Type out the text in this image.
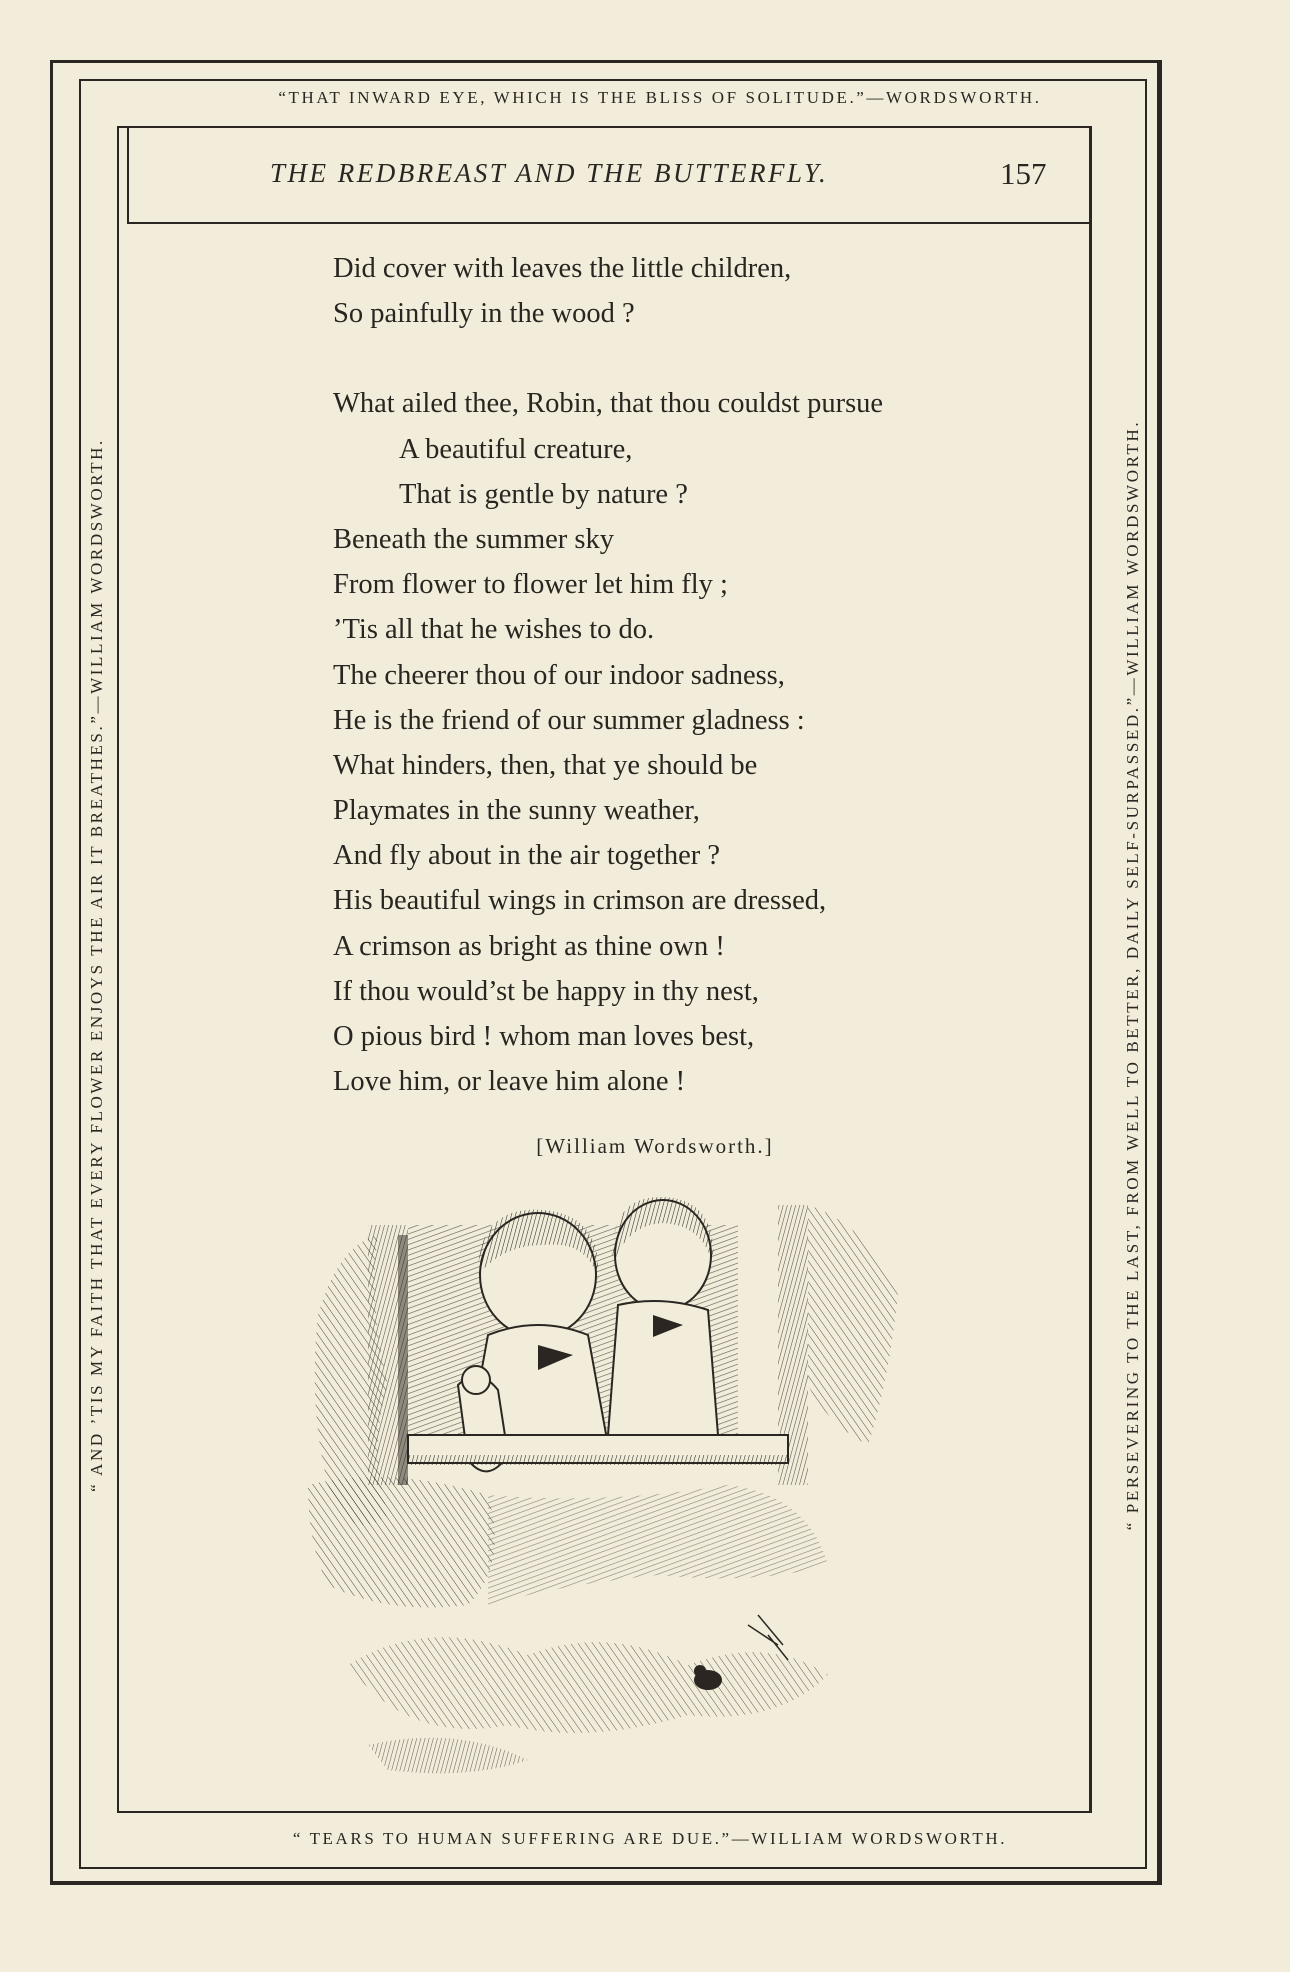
“THAT INWARD EYE, WHICH IS THE BLISS OF SOLITUDE.”—WORDSWORTH.
“ AND ’TIS MY FAITH THAT EVERY FLOWER ENJOYS THE AIR IT BREATHES.”—WILLIAM WORDSWORTH.	“ PERSEVERING TO THE LAST, FROM WELL TO BETTER, DAILY SELF-SURPASSED.”—WILLIAM WORDSWORTH.
“ TEARS TO HUMAN SUFFERING ARE DUE.”—WILLIAM WORDSWORTH.
THE REDBREAST AND THE BUTTERFLY.	157
Did cover with leaves the little children,
So painfully in the wood ?
What ailed thee, Robin, that thou couldst pursue
A beautiful creature,
That is gentle by nature ?
Beneath the summer sky
From flower to flower let him fly ;
’Tis all that he wishes to do.
The cheerer thou of our indoor sadness,
He is the friend of our summer gladness :
What hinders, then, that ye should be
Playmates in the sunny weather,
And fly about in the air together ?
His beautiful wings in crimson are dressed,
A crimson as bright as thine own !
If thou would’st be happy in thy nest,
O pious bird ! whom man loves best,
Love him, or leave him alone !
[William Wordsworth.]
